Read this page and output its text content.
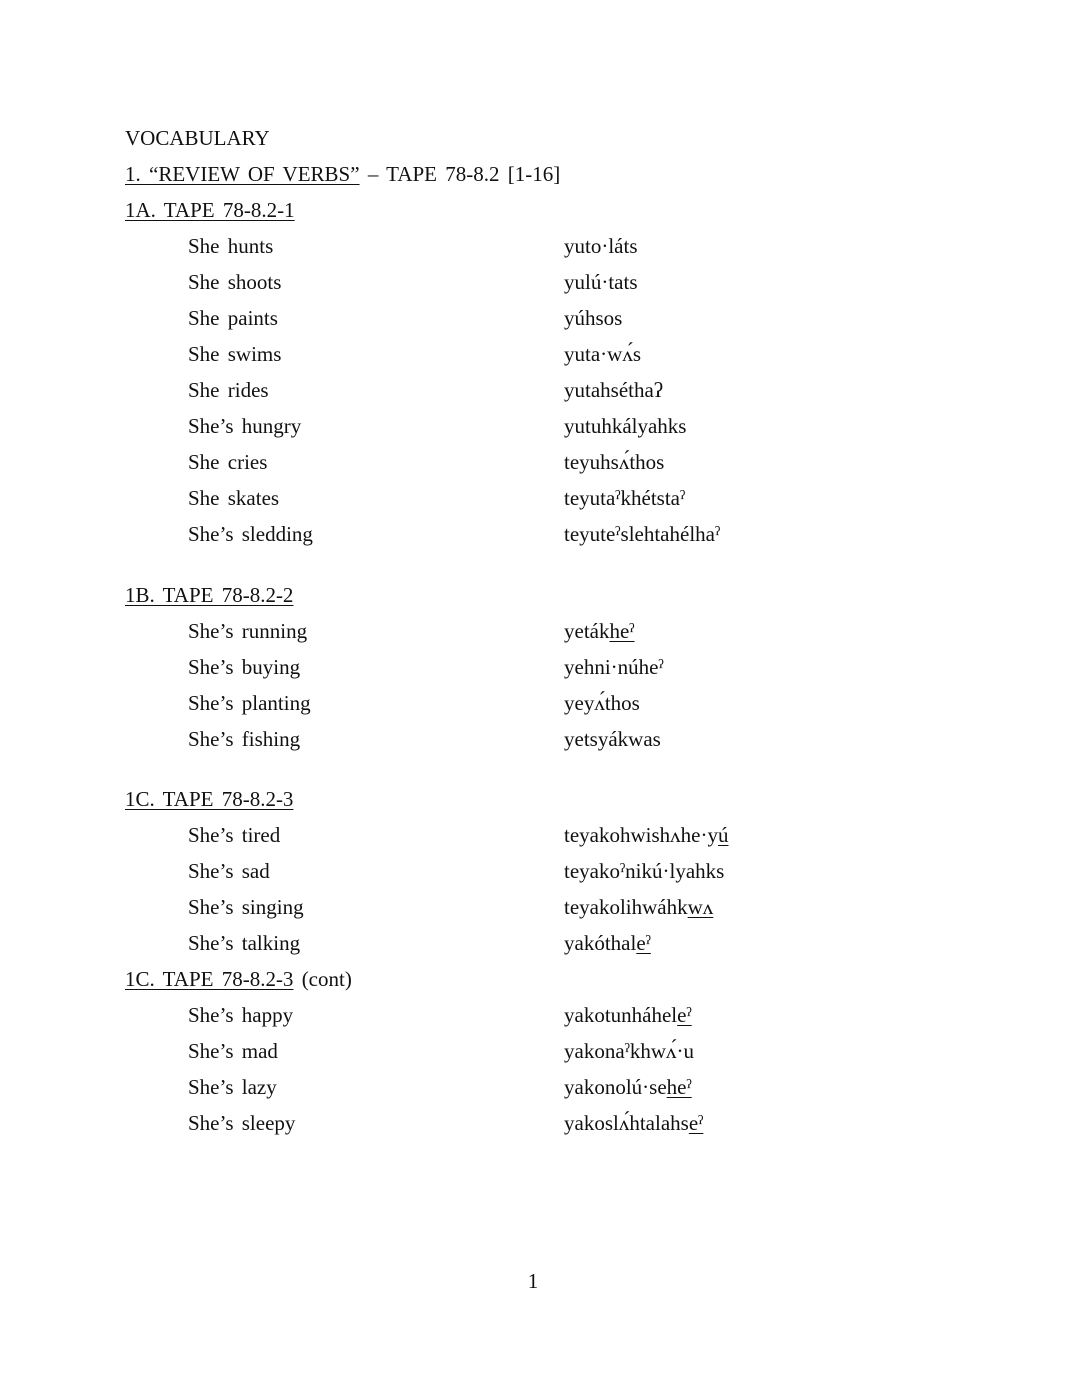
VOCABULARY
1. “REVIEW OF VERBS” – TAPE 78-8.2 [1-16]
1A. TAPE 78-8.2-1
She hunts	yuto·láts
She shoots	yulú·tats
She paints	yúhsos
She swims	yuta·wʌ́s
She rides	yutahséthaʔ
She’s hungry	yutuhkályahks
She cries	teyuhsʌ́thos
She skates	teyutaˀkhétstaˀ
She’s sledding	teyuteˀslehtahélhaˀ
1B. TAPE 78-8.2-2
She’s running	yetákheˀ
She’s buying	yehni·núheˀ
She’s planting	yeyʌ́thos
She’s fishing	yetsyákwas
1C. TAPE 78-8.2-3
She’s tired	teyakohwishʌhe·yú
She’s sad	teyakoˀnikú·lyahks
She’s singing	teyakolihwáhkwʌ
She’s talking	yakóthaleˀ
1C. TAPE 78-8.2-3 (cont)
She’s happy	yakotunháheleˀ
She’s mad	yakonaˀkhwʌ́·u
She’s lazy	yakonolú·seheˀ
She’s sleepy	yakoslʌ́htalahseˀ
1
